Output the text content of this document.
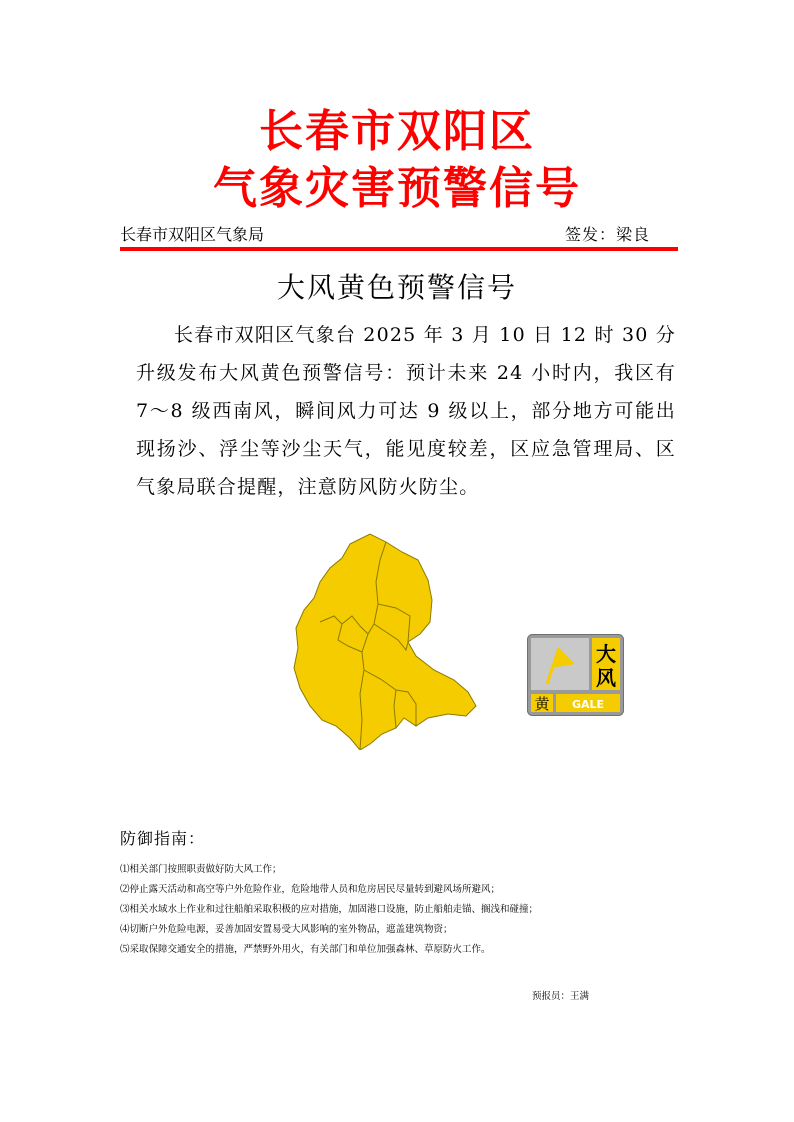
长春市双阳区
气象灾害预警信号
长春市双阳区气象局	签发：梁良
大风黄色预警信号
长春市双阳区气象台 2025 年 3 月 10 日 12 时 30 分升级发布大风黄色预警信号：预计未来 24 小时内，我区有 7～8 级西南风，瞬间风力可达 9 级以上，部分地方可能出现扬沙、浮尘等沙尘天气，能见度较差，区应急管理局、区气象局联合提醒，注意防风防火防尘。
大
风
黄 GALE
防御指南：
⑴相关部门按照职责做好防大风工作；
⑵停止露天活动和高空等户外危险作业，危险地带人员和危房居民尽量转到避风场所避风；
⑶相关水域水上作业和过往船舶采取积极的应对措施，加固港口设施，防止船舶走锚、搁浅和碰撞；
⑷切断户外危险电源，妥善加固安置易受大风影响的室外物品，遮盖建筑物资；
⑸采取保障交通安全的措施，严禁野外用火，有关部门和单位加强森林、草原防火工作。
预报员：王满
